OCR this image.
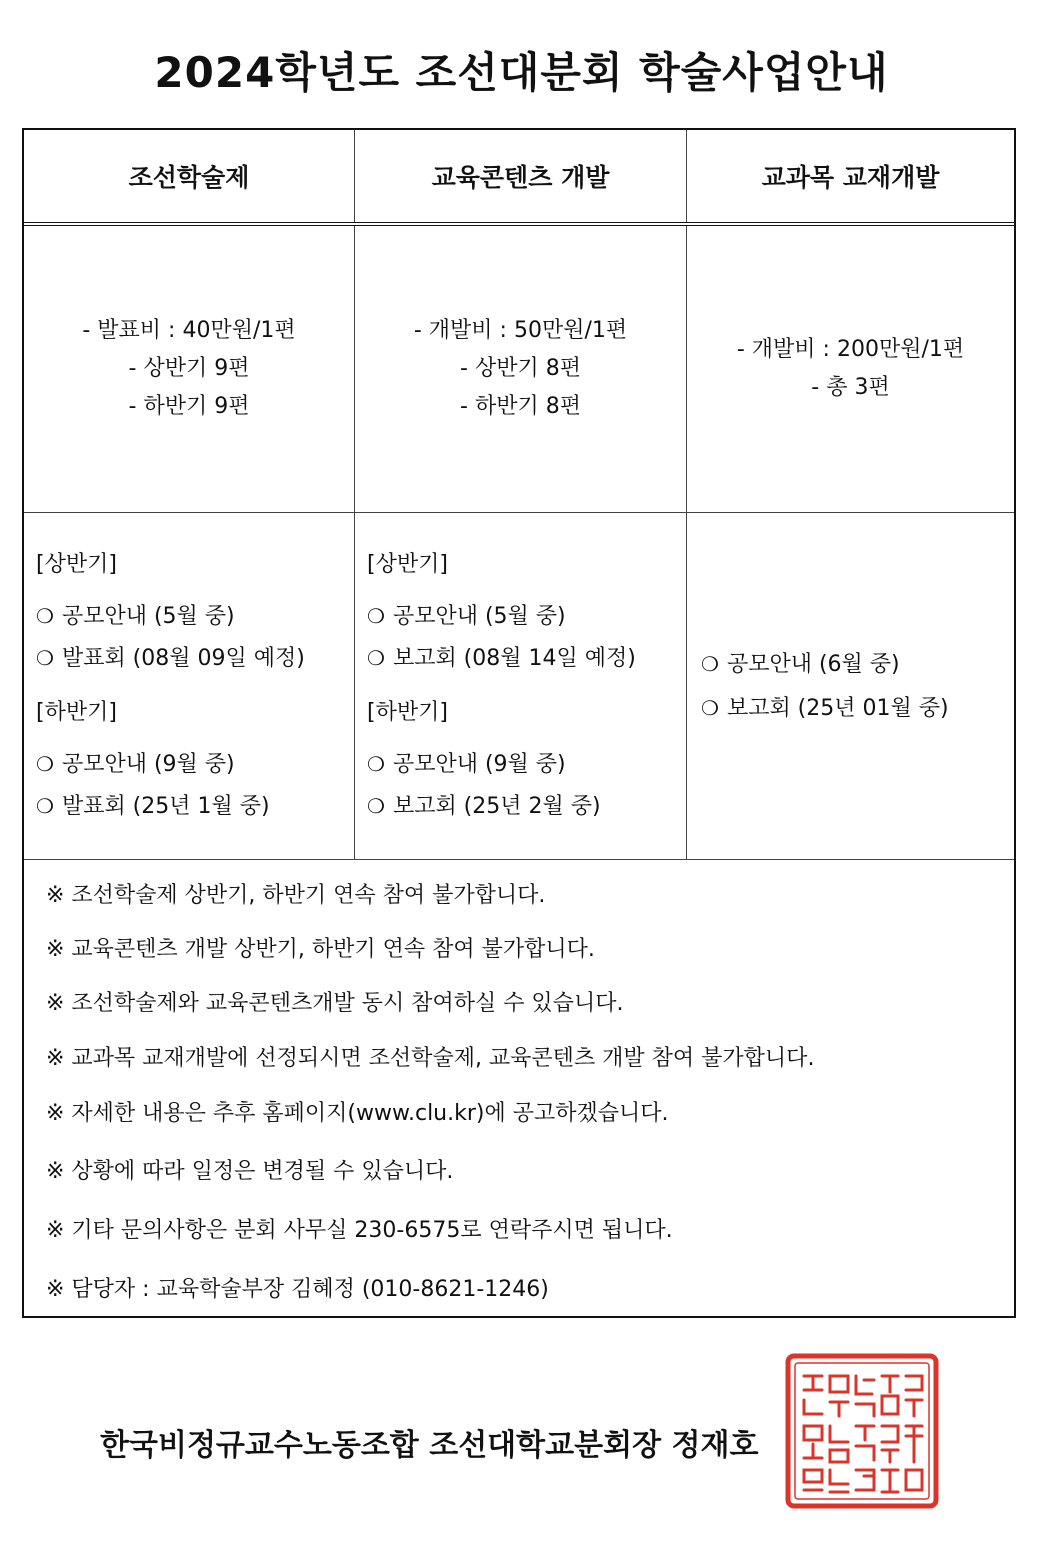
2024학년도 조선대분회 학술사업안내
조선학술제	교육콘텐츠 개발	교과목 교재개발
- 발표비 : 40만원/1편
- 상반기 9편
- 하반기 9편
- 개발비 : 50만원/1편
- 상반기 8편
- 하반기 8편
- 개발비 : 200만원/1편
- 총 3편
[상반기]
❍ 공모안내 (5월 중)
❍ 발표회 (08월 09일 예정)
[하반기]
❍ 공모안내 (9월 중)
❍ 발표회 (25년 1월 중)
[상반기]
❍ 공모안내 (5월 중)
❍ 보고회 (08월 14일 예정)
[하반기]
❍ 공모안내 (9월 중)
❍ 보고회 (25년 2월 중)
❍ 공모안내 (6월 중)
❍ 보고회 (25년 01월 중)
※ 조선학술제 상반기, 하반기 연속 참여 불가합니다.
※ 교육콘텐츠 개발 상반기, 하반기 연속 참여 불가합니다.
※ 조선학술제와 교육콘텐츠개발 동시 참여하실 수 있습니다.
※ 교과목 교재개발에 선정되시면 조선학술제, 교육콘텐츠 개발 참여 불가합니다.
※ 자세한 내용은 추후 홈페이지(www.clu.kr)에 공고하겠습니다.
※ 상황에 따라 일정은 변경될 수 있습니다.
※ 기타 문의사항은 분회 사무실 230-6575로 연락주시면 됩니다.
※ 담당자 : 교육학술부장 김혜정 (010-8621-1246)
한국비정규교수노동조합 조선대학교분회장 정재호
